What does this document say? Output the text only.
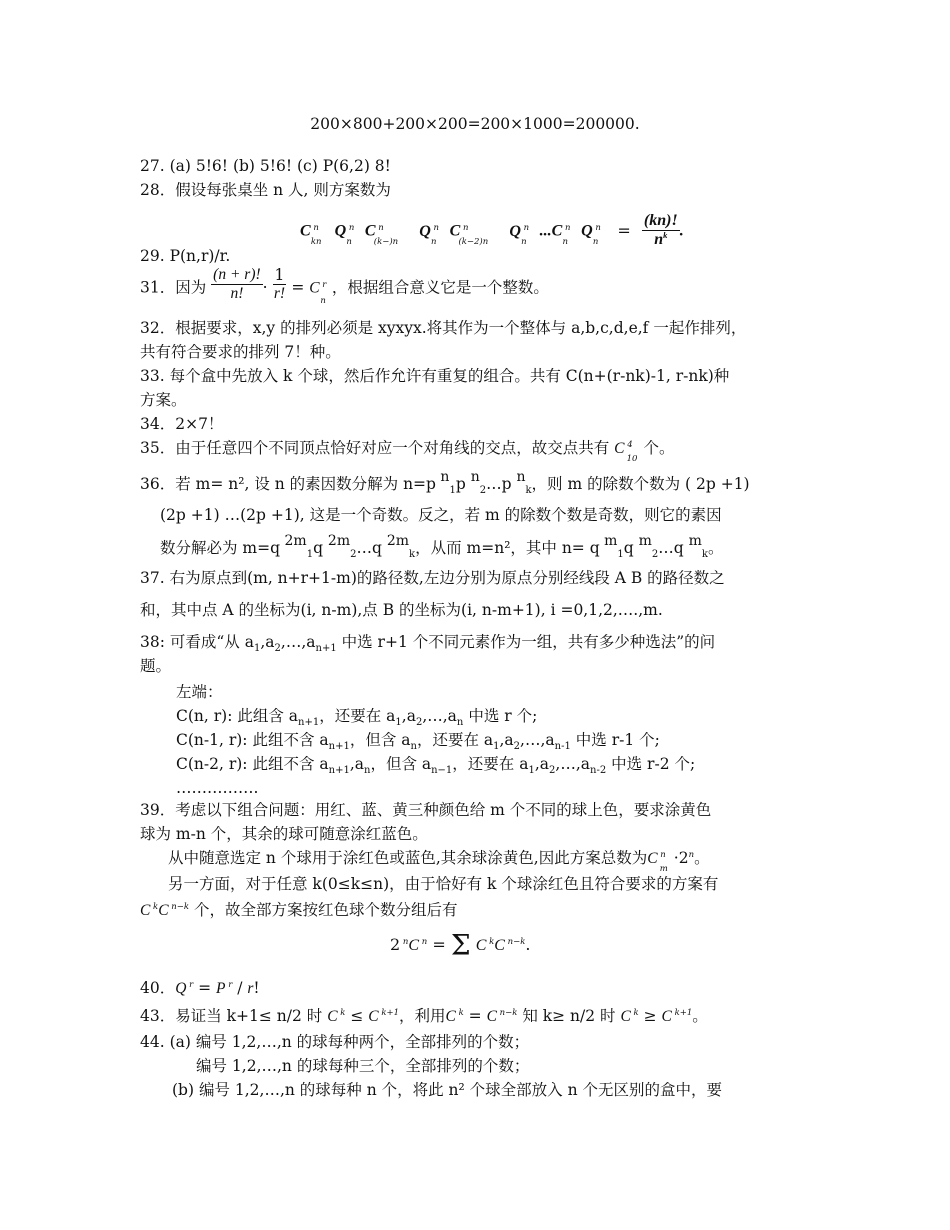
200×800+200×200=200×1000=200000.
27. (a) 5!6! (b) 5!6! (c) P(6,2) 8!
28．假设每张桌坐 n 人, 则方案数为
C $^n_{kn}$ Q $^n_n$ C $^n_{(k-)n}$ Q $^n_n$ C $^n_{(k-2)n}$ Q $^n_n$ ...C $^n_n$ Q $^n_n = \frac{(kn)!}{n^k}$ .
29. P(n,r)/r.
31．因为 $\frac{(n + r)!}{n!} \cdot \frac{1}{r!} = C$ $^r_n$，根据组合意义它是一个整数。
32．根据要求，x,y 的排列必须是 xyxyx.将其作为一个整体与 a,b,c,d,e,f 一起作排列，
共有符合要求的排列 7！种。
33. 每个盒中先放入 k 个球，然后作允许有重复的组合。共有 C(n+(r-nk)-1, r-nk)种
方案。
34．2×7！
35．由于任意四个不同顶点恰好对应一个对角线的交点，故交点共有 C $^4_{10}$个。
36．若 m= n², 设 n 的素因数分解为 n=p $n_1p$ $n_2\dots p$ $n_k$，则 m 的除数个数为 ( 2p +1)
(2p +1) …(2p +1), 这是一个奇数。反之，若 m 的除数个数是奇数，则它的素因
数分解必为 m=q $2m_1q$ $2m_2\dots q$ $2m_k$，从而 m=n²，其中 n= q $m_1q$ $m_2\dots q$ $m_k$。
37. 右为原点到(m, n+r+1-m)的路径数,左边分别为原点分别经线段 A B 的路径数之
和，其中点 A 的坐标为(i, n-m),点 B 的坐标为(i, n-m+1), i =0,1,2,….,m.
38: 可看成“从 $a_1,a_2,\dots,a_{n+1}$ 中选 r+1 个不同元素作为一组，共有多少种选法”的问
题。
左端：
C(n, r): 此组含 $a_{n+1}$，还要在 $a_1,a_2,\dots,a_n$ 中选 r 个;
C(n-1, r): 此组不含 $a_{n+1}$，但含 $a_n$，还要在 $a_1,a_2,\dots,a_{n-1}$ 中选 r-1 个;
C(n-2, r): 此组不含 $a_{n+1},a_n$，但含 $a_{n-1}$，还要在 $a_1,a_2,\dots,a_{n-2}$ 中选 r-2 个;
…………….
39．考虑以下组合问题：用红、蓝、黄三种颜色给 m 个不同的球上色，要求涂黄色
球为 m-n 个，其余的球可随意涂红蓝色。
从中随意选定 n 个球用于涂红色或蓝色,其余球涂黄色,因此方案总数为C $^n_m\cdot 2^n$。
另一方面，对于任意 k(0≤k≤n)，由于恰好有 k 个球涂红色且符合要求的方案有
C $^k$C $^{n-k}$ 个，故全部方案按红色球个数分组后有
2 $^n$C $^n$ = Σ C $^k$C $^{n-k}$.
40．Q $^r$ = P $^r$ / r!
43．易证当 k+1≤ n/2 时 C $^k$ ≤ C $^{k+1}$，利用C $^k$ = C $^{n-k}$ 知 k≥ n/2 时 C $^k$ ≥ C $^{k+1}$。
44. (a) 编号 1,2,…,n 的球每种两个，全部排列的个数；
编号 1,2,…,n 的球每种三个，全部排列的个数；
(b) 编号 1,2,…,n 的球每种 n 个，将此 n² 个球全部放入 n 个无区别的盒中，要
